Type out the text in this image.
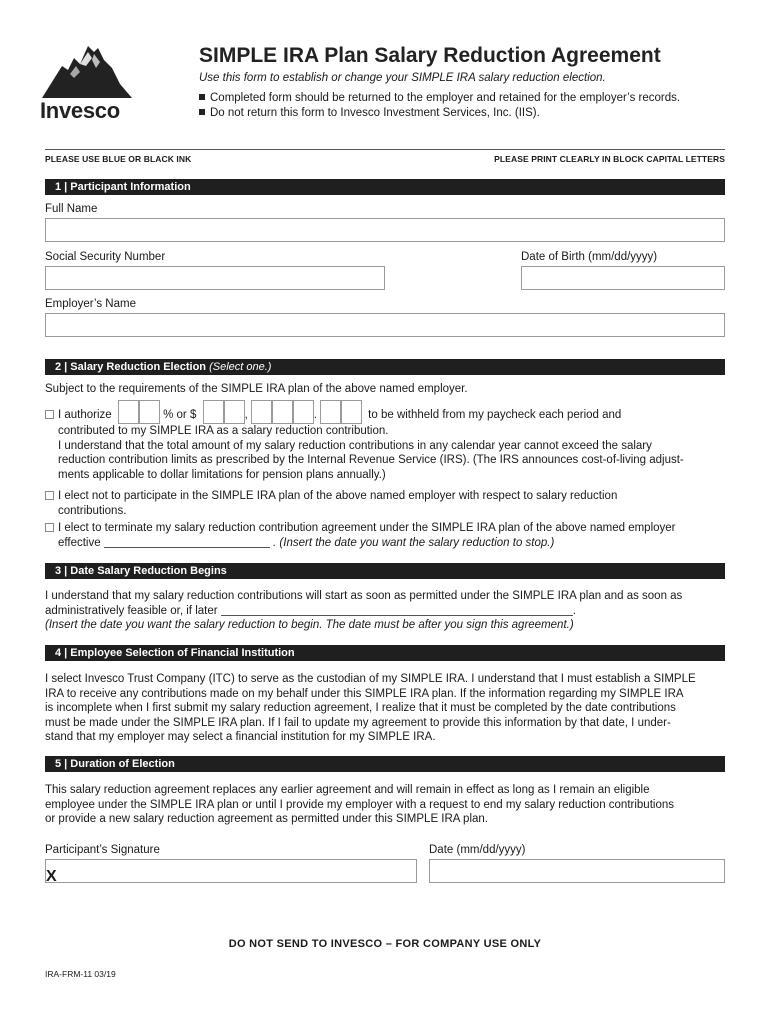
Invesco
SIMPLE IRA Plan Salary Reduction Agreement
Use this form to establish or change your SIMPLE IRA salary reduction election.
Completed form should be returned to the employer and retained for the employer’s records.
Do not return this form to Invesco Investment Services, Inc. (IIS).
PLEASE USE BLUE OR BLACK INK	PLEASE PRINT CLEARLY IN BLOCK CAPITAL LETTERS
1 | Participant Information
Full Name
Social Security Number	Date of Birth (mm/dd/yyyy)
Employer’s Name
2 | Salary Reduction Election (Select one.)
Subject to the requirements of the SIMPLE IRA plan of the above named employer.
I authorize	% or $	,	.	to be withheld from my paycheck each period and
contributed to my SIMPLE IRA as a salary reduction contribution.
I understand that the total amount of my salary reduction contributions in any calendar year cannot exceed the salary
reduction contribution limits as prescribed by the Internal Revenue Service (IRS). (The IRS announces cost-of-living adjust-
ments applicable to dollar limitations for pension plans annually.)
I elect not to participate in the SIMPLE IRA plan of the above named employer with respect to salary reduction
contributions.
I elect to terminate my salary reduction contribution agreement under the SIMPLE IRA plan of the above named employer
effective	. (Insert the date you want the salary reduction to stop.)
3 | Date Salary Reduction Begins
I understand that my salary reduction contributions will start as soon as permitted under the SIMPLE IRA plan and as soon as
administratively feasible or, if later	.
(Insert the date you want the salary reduction to begin. The date must be after you sign this agreement.)
4 | Employee Selection of Financial Institution
I select Invesco Trust Company (ITC) to serve as the custodian of my SIMPLE IRA. I understand that I must establish a SIMPLE
IRA to receive any contributions made on my behalf under this SIMPLE IRA plan. If the information regarding my SIMPLE IRA
is incomplete when I first submit my salary reduction agreement, I realize that it must be completed by the date contributions
must be made under the SIMPLE IRA plan. If I fail to update my agreement to provide this information by that date, I under-
stand that my employer may select a financial institution for my SIMPLE IRA.
5 | Duration of Election
This salary reduction agreement replaces any earlier agreement and will remain in effect as long as I remain an eligible
employee under the SIMPLE IRA plan or until I provide my employer with a request to end my salary reduction contributions
or provide a new salary reduction agreement as permitted under this SIMPLE IRA plan.
Participant’s Signature
X
Date (mm/dd/yyyy)
DO NOT SEND TO INVESCO – FOR COMPANY USE ONLY
IRA-FRM-11 03/19
